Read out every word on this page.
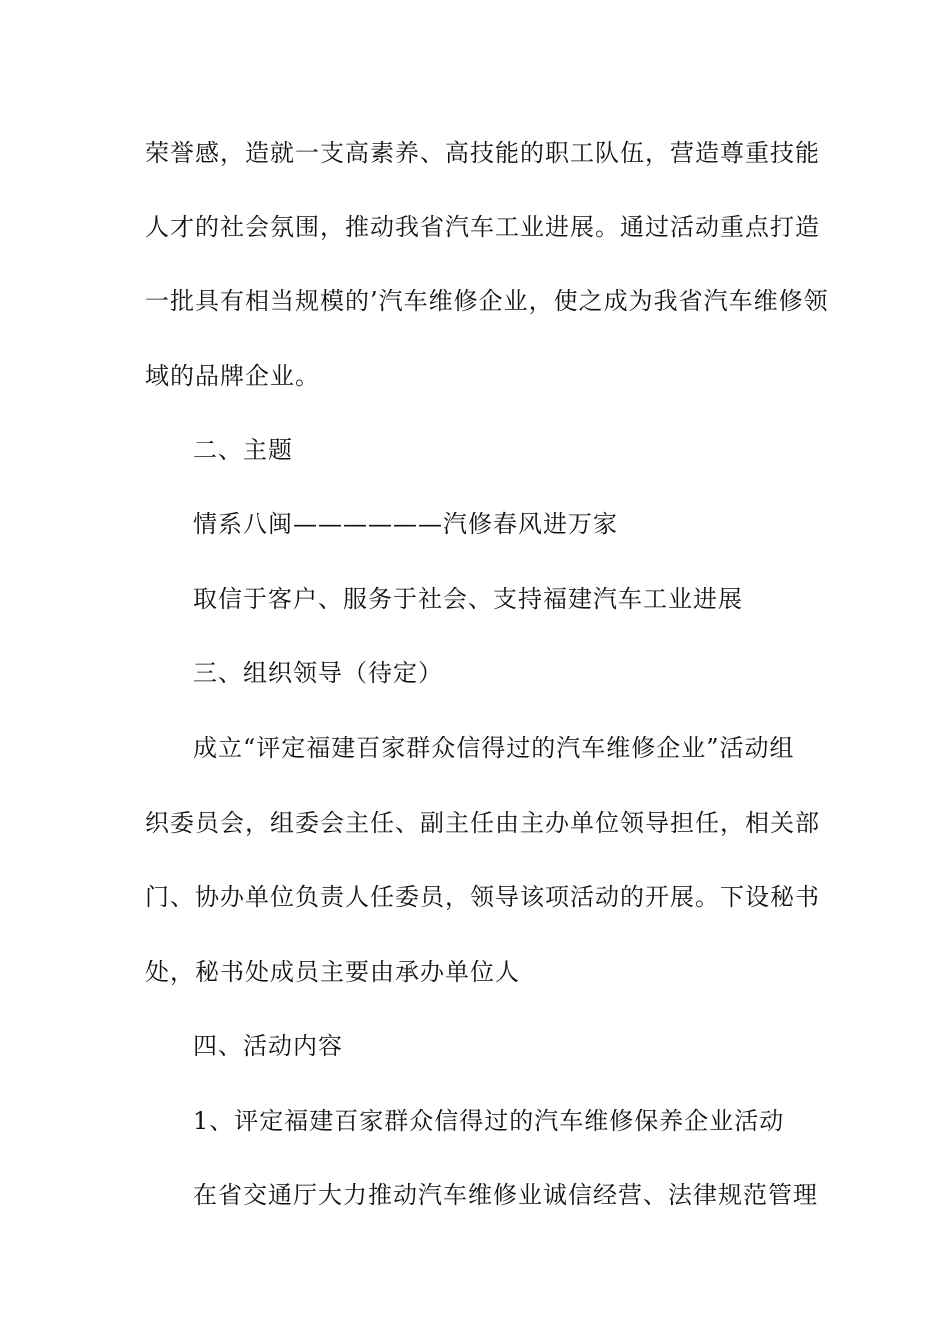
荣誉感，造就一支高素养、高技能的职工队伍，营造尊重技能
人才的社会氛围，推动我省汽车工业进展。通过活动重点打造
一批具有相当规模的’汽车维修企业，使之成为我省汽车维修领
域的品牌企业。
二、主题
情系八闽——————汽修春风进万家
取信于客户、服务于社会、支持福建汽车工业进展
三、组织领导（待定）
成立“评定福建百家群众信得过的汽车维修企业”活动组
织委员会，组委会主任、副主任由主办单位领导担任，相关部
门、协办单位负责人任委员，领导该项活动的开展。下设秘书
处，秘书处成员主要由承办单位人
四、活动内容
1、评定福建百家群众信得过的汽车维修保养企业活动
在省交通厅大力推动汽车维修业诚信经营、法律规范管理
